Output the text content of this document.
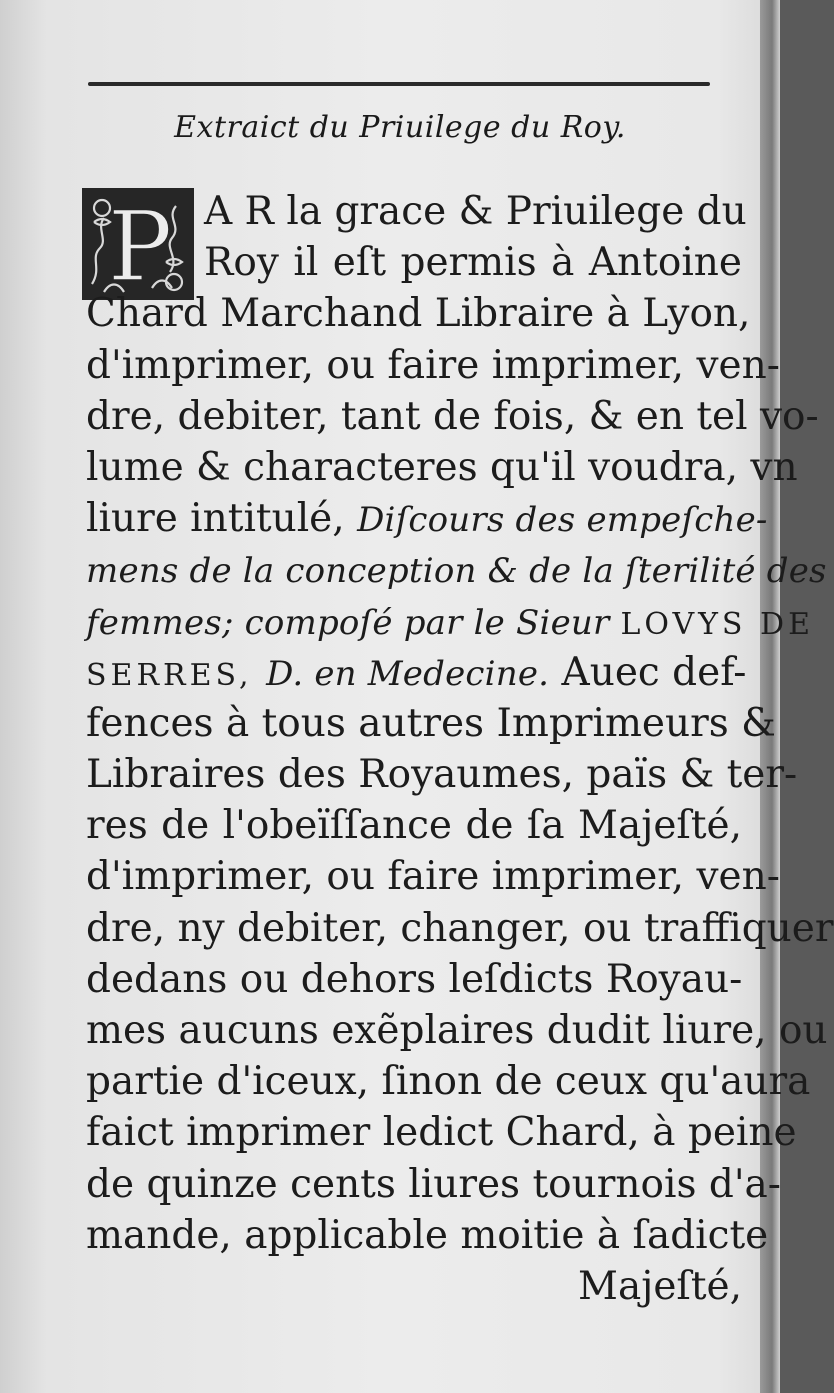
Extraict du Priuilege du Roy.
P A R la grace & Priuilege du
Roy il eſt permis à Antoine
Chard Marchand Libraire à Lyon,
d'imprimer, ou faire imprimer, ven-
dre, debiter, tant de fois, & en tel vo-
lume & characteres qu'il voudra, vn
liure intitulé, Diſcours des empeſche-
mens de la conception & de la ſterilité des
femmes; compoſé par le Sieur LOVYS DE
SERRES, D. en Medecine. Auec def-
fences à tous autres Imprimeurs &
Libraires des Royaumes, païs & ter-
res de l'obeïſſance de ſa Majeſté,
d'imprimer, ou faire imprimer, ven-
dre, ny debiter, changer, ou traffiquer
dedans ou dehors leſdicts Royau-
mes aucuns exẽplaires dudit liure, ou
partie d'iceux, ſinon de ceux qu'aura
faict imprimer ledict Chard, à peine
de quinze cents liures tournois d'a-
mande, applicable moitie à ſadicte
Majeſté,
